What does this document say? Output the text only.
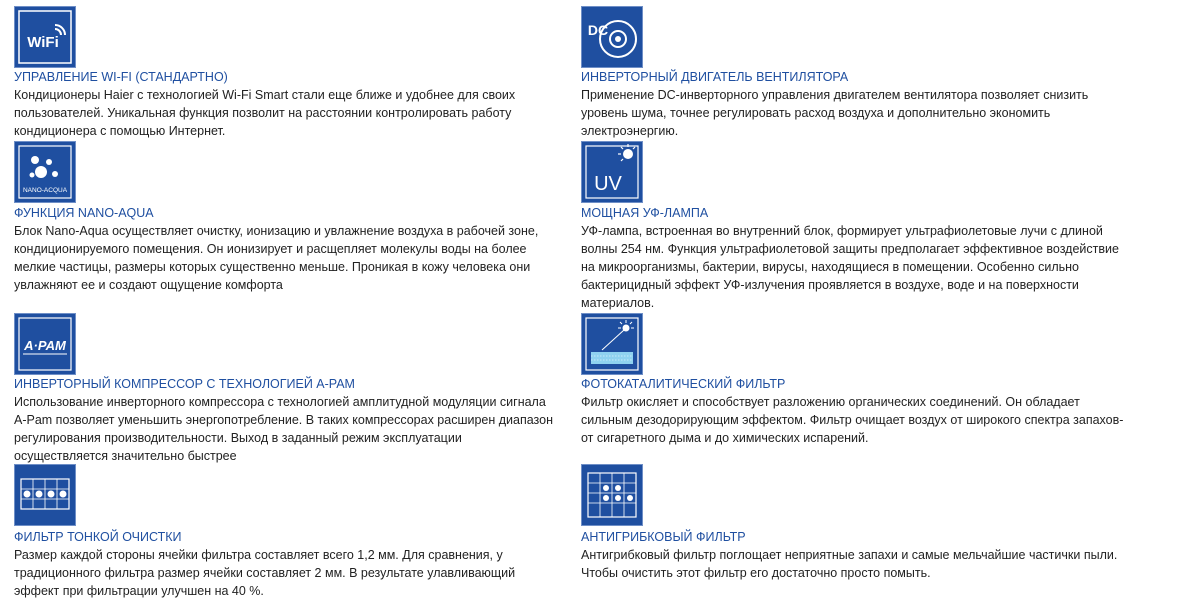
WiFi
УПРАВЛЕНИЕ WI-FI (СТАНДАРТНО)
Кондиционеры Haier с технологией Wi-Fi Smart стали еще ближе и удобнее для своих пользователей. Уникальная функция позволит на расстоянии контролировать работу кондиционера с помощью Интернет.
DC
ИНВЕРТОРНЫЙ ДВИГАТЕЛЬ ВЕНТИЛЯТОРА
Применение DC-инверторного управления двигателем вентилятора позволяет снизить уровень шума, точнее регулировать расход воздуха и дополнительно экономить электроэнергию.
NANO-ACQUA
ФУНКЦИЯ NANO-AQUA
Блок Nano-Aqua осуществляет очистку, ионизацию и увлажнение воздуха в рабочей зоне, кондиционируемого помещения. Он ионизирует и расщепляет молекулы воды на более мелкие частицы, размеры которых существенно меньше. Проникая в кожу человека они увлажняют ее и создают ощущение комфорта
UV
МОЩНАЯ УФ-ЛАМПА
УФ-лампа, встроенная во внутренний блок, формирует ультрафиолетовые лучи с длиной волны 254 нм. Функция ультрафиолетовой защиты предполагает эффективное воздействие на микроорганизмы, бактерии, вирусы, находящиеся в помещении. Особенно сильно бактерицидный эффект УФ-излучения проявляется в воздухе, воде и на поверхности материалов.
A·PAM
ИНВЕРТОРНЫЙ КОМПРЕССОР С ТЕХНОЛОГИЕЙ A-PAM
Использование инверторного компрессора с технологией амплитудной модуляции сигнала A-Pam позволяет уменьшить энергопотребление. В таких компрессорах расширен диапазон регулирования производительности. Выход в заданный режим эксплуатации осуществляется значительно быстрее
ФОТОКАТАЛИТИЧЕСКИЙ ФИЛЬТР
Фильтр окисляет и способствует разложению органических соединений. Он обладает сильным дезодорирующим эффектом. Фильтр очищает воздух от широкого спектра запахов-от сигаретного дыма и до химических испарений.
ФИЛЬТР ТОНКОЙ ОЧИСТКИ
Размер каждой стороны ячейки фильтра составляет всего 1,2 мм. Для сравнения, у традиционного фильтра размер ячейки составляет 2 мм. В результате улавливающий эффект при фильтрации улучшен на 40 %.
АНТИГРИБКОВЫЙ ФИЛЬТР
Антигрибковый фильтр поглощает неприятные запахи и самые мельчайшие частички пыли. Чтобы очистить этот фильтр его достаточно просто помыть.
